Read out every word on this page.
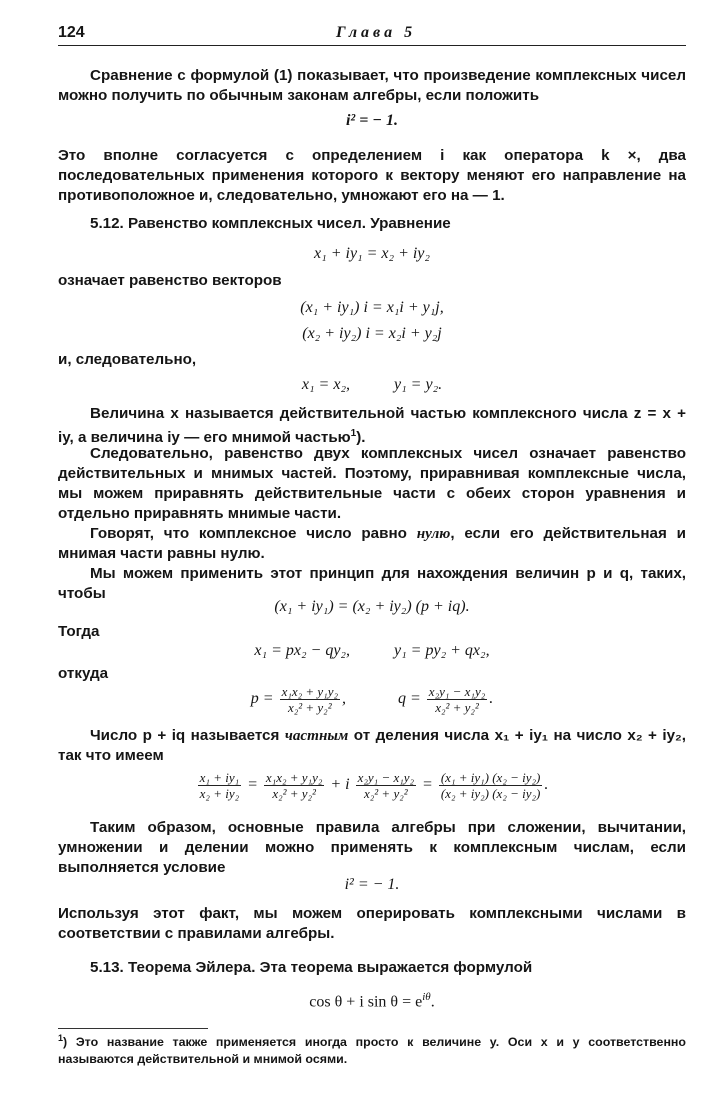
124	Глава 5
Сравнение с формулой (1) показывает, что произведение комплексных чисел можно получить по обычным законам алгебры, если положить
i² = − 1.
Это вполне согласуется с определением i как оператора k ×, два последовательных применения которого к вектору меняют его направление на противоположное и, следовательно, умножают его на — 1.
5.12. Равенство комплексных чисел. Уравнение
x₁ + iy₁ = x₂ + iy₂
означает равенство векторов
(x₁ + iy₁) i = x₁i + y₁j,
(x₂ + iy₂) i = x₂i + y₂j
и, следовательно,
x₁ = x₂,	y₁ = y₂.
Величина x называется действительной частью комплексного числа z = x + iy, а величина iy — его мнимой частью$^1$).
Следовательно, равенство двух комплексных чисел означает равенство действительных и мнимых частей. Поэтому, приравнивая комплексные числа, мы можем приравнять действительные части с обеих сторон уравнения и отдельно приравнять мнимые части.
Говорят, что комплексное число равно нулю, если его действительная и мнимая части равны нулю.
Мы можем применить этот принцип для нахождения величин p и q, таких, чтобы
(x₁ + iy₁) = (x₂ + iy₂) (p + iq).
Тогда
x₁ = px₂ − qy₂,	y₁ = py₂ + qx₂,
откуда
$p = \frac{\text{x₁x₂ + y₁y₂}}{\text{x₂² + y₂²}}$ ,	$q = \frac{\text{x₂y₁ − x₁y₂}}{\text{x₂² + y₂²}}$ .
Число p + iq называется частным от деления числа x₁ + iy₁ на число x₂ + iy₂, так что имеем
$\frac{\text{x₁ + iy₁}}{\text{x₂ + iy₂}} = \frac{\text{x₁x₂ + y₁y₂}}{\text{x₂² + y₂²}} + i \frac{\text{x₂y₁ − x₁y₂}}{\text{x₂² + y₂²}} = \frac{\text{(x₁ + iy₁) (x₂ − iy₂)}}{\text{(x₂ + iy₂) (x₂ − iy₂)}}$ .
Таким образом, основные правила алгебры при сложении, вычитании, умножении и делении можно применять к комплексным числам, если выполняется условие
i² = − 1.
Используя этот факт, мы можем оперировать комплексными числами в соответствии с правилами алгебры.
5.13. Теорема Эйлера. Эта теорема выражается формулой
cos θ + i $\sin \theta = e^{i\theta}$.
$^1$) Это название также применяется иногда просто к величине y. Оси x и y соответственно называются действительной и мнимой осями.
